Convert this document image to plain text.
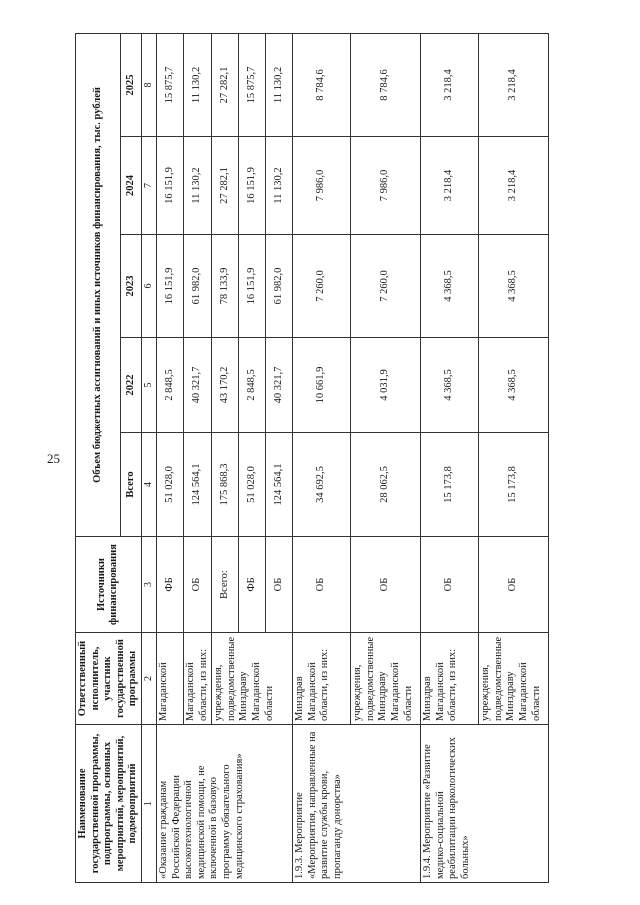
25
Наименование государственной программы, подпрограммы, основных мероприятий, мероприятий, подмероприятий	Ответственный исполнитель, участник государственной программы	Источники финансирования	Объем бюджетных ассигнований и иных источников финансирования, тыс. рублей				
			Всего	2022	2023	2024	2025
1	2	3	4	5	6	7	8
«Оказание гражданам Российской Федерации высокотехнологичной медицинской помощи, не включенной в базовую программу обязательного медицинского страхования»	Магаданской	ФБ	51 028,0	2 848,5	16 151,9	16 151,9	15 875,7
	Магаданской области, из них:	ОБ	124 564,1	40 321,7	61 982,0	11 130,2	11 130,2
	учреждения, подведомственные Минздраву Магаданской области	Всего:	175 868,3	43 170,2	78 133,9	27 282,1	27 282,1
		ФБ	51 028,0	2 848,5	16 151,9	16 151,9	15 875,7
		ОБ	124 564,1	40 321,7	61 982,0	11 130,2	11 130,2
1.9.3. Мероприятие «Мероприятия, направленные на развитие службы крови, пропаганду донорства»	Минздрав Магаданской области, из них:	ОБ	34 692,5	10 661,9	7 260,0	7 986,0	8 784,6
	учреждения, подведомственные Минздраву Магаданской области	ОБ	28 062,5	4 031,9	7 260,0	7 986,0	8 784,6
1.9.4. Мероприятие «Развитие медико-социальной реабилитации наркологических больных»	Минздрав Магаданской области, из них:	ОБ	15 173,8	4 368,5	4 368,5	3 218,4	3 218,4
	учреждения, подведомственные Минздраву Магаданской области	ОБ	15 173,8	4 368,5	4 368,5	3 218,4	3 218,4
